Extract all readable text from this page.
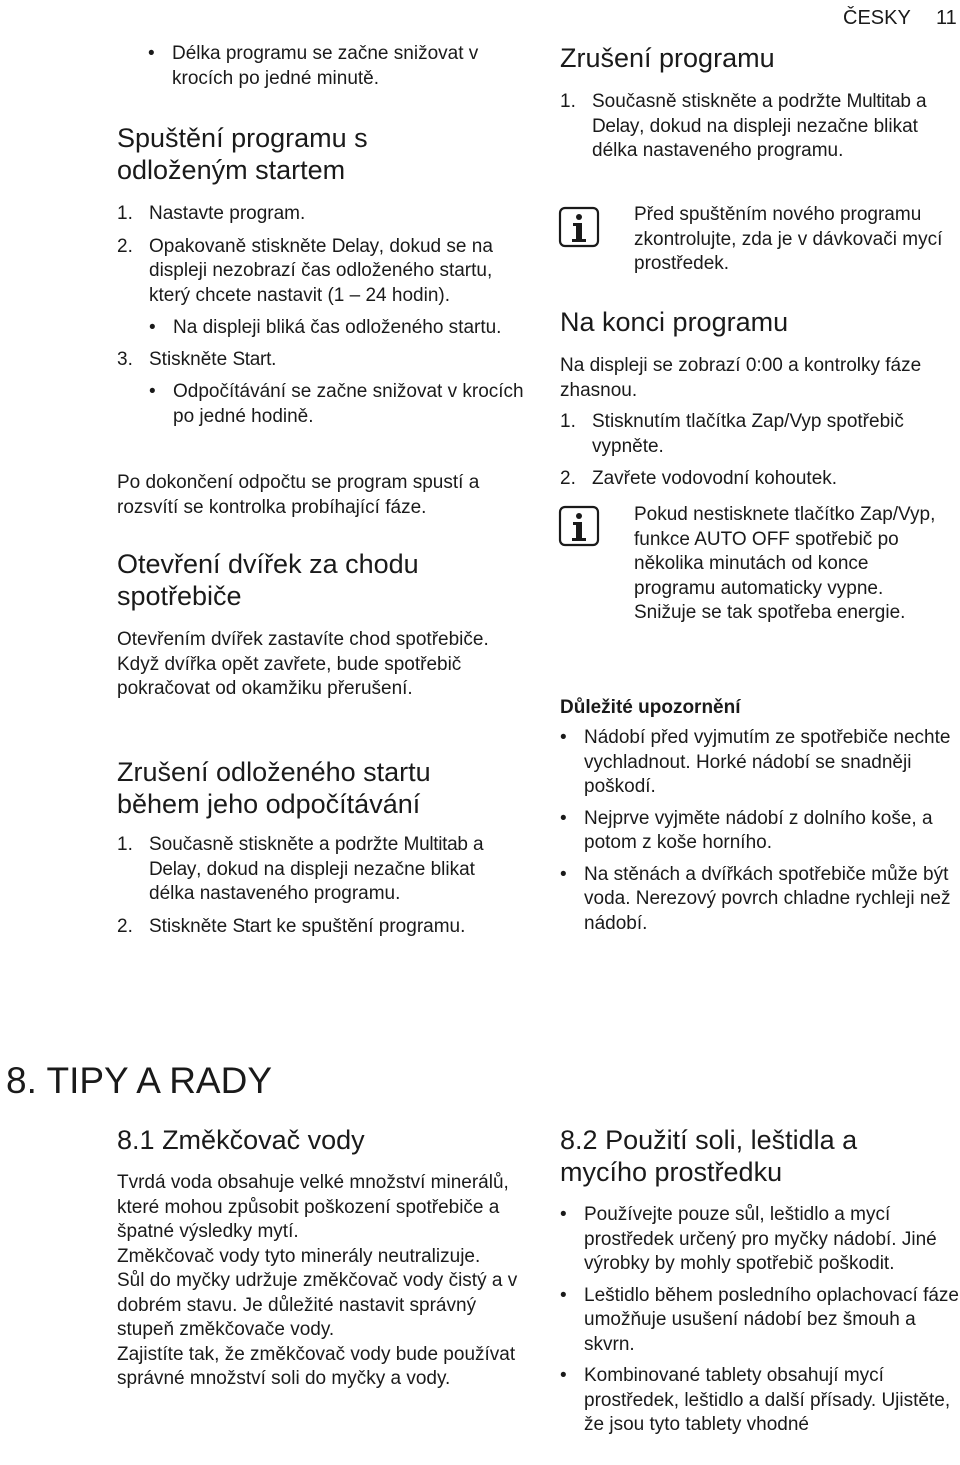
ČESKY 11
• Délka programu se začne snižovat v krocích po jedné minutě.
Spuštění programu s odloženým startem
1. Nastavte program.
2. Opakovaně stiskněte Delay, dokud se na displeji nezobrazí čas odloženého startu, který chcete nastavit (1 – 24 hodin).
• Na displeji bliká čas odloženého startu.
3. Stiskněte Start.
• Odpočítávání se začne snižovat v krocích po jedné hodině.

Po dokončení odpočtu se program spustí a rozsvítí se kontrolka probíhající fáze.

Otevření dvířek za chodu spotřebiče

Otevřením dvířek zastavíte chod spotřebiče. Když dvířka opět zavřete, bude spotřebič pokračovat od okamžiku přerušení.

Zrušení odloženého startu během jeho odpočítávání
1. Současně stiskněte a podržte Multitab a Delay, dokud na displeji nezačne blikat délka nastaveného programu.
2. Stiskněte Start ke spuštění programu.
Zrušení programu
1. Současně stiskněte a podržte Multitab a Delay, dokud na displeji nezačne blikat délka nastaveného programu.

Před spuštěním nového programu zkontrolujte, zda je v dávkovači mycí prostředek.

Na konci programu

Na displeji se zobrazí 0:00 a kontrolky fáze zhasnou.

1. Stisknutím tlačítka Zap/Vyp spotřebič vypněte.
2. Zavřete vodovodní kohoutek.

Pokud nestisknete tlačítko Zap/Vyp, funkce AUTO OFF spotřebič po několika minutách od konce programu automaticky vypne.

Snižuje se tak spotřeba energie.

Důležité upozornění
• Nádobí před vyjmutím ze spotřebiče nechte vychladnout. Horké nádobí se snadněji poškodí.
• Nejprve vyjměte nádobí z dolního koše, a potom z koše horního.
• Na stěnách a dvířkách spotřebiče může být voda. Nerezový povrch chladne rychleji než nádobí.
8. TIPY A RADY
8.1 Změkčovač vody

Tvrdá voda obsahuje velké množství minerálů, které mohou způsobit poškození spotřebiče a špatné výsledky mytí.

Změkčovač vody tyto minerály neutralizuje.

Sůl do myčky udržuje změkčovač vody čistý a v dobrém stavu. Je důležité nastavit správný stupeň změkčovače vody.

Zajistíte tak, že změkčovač vody bude používat správné množství soli do myčky a vody.

8.2 Použití soli, leštidla a mycího prostředku
• Používejte pouze sůl, leštidlo a mycí prostředek určený pro myčky nádobí. Jiné výrobky by mohly spotřebič poškodit.
• Leštidlo během posledního oplachovací fáze umožňuje usušení nádobí bez šmouh a skvrn.
• Kombinované tablety obsahují mycí prostředek, leštidlo a další přísady. Ujistěte, že jsou tyto tablety vhodné
